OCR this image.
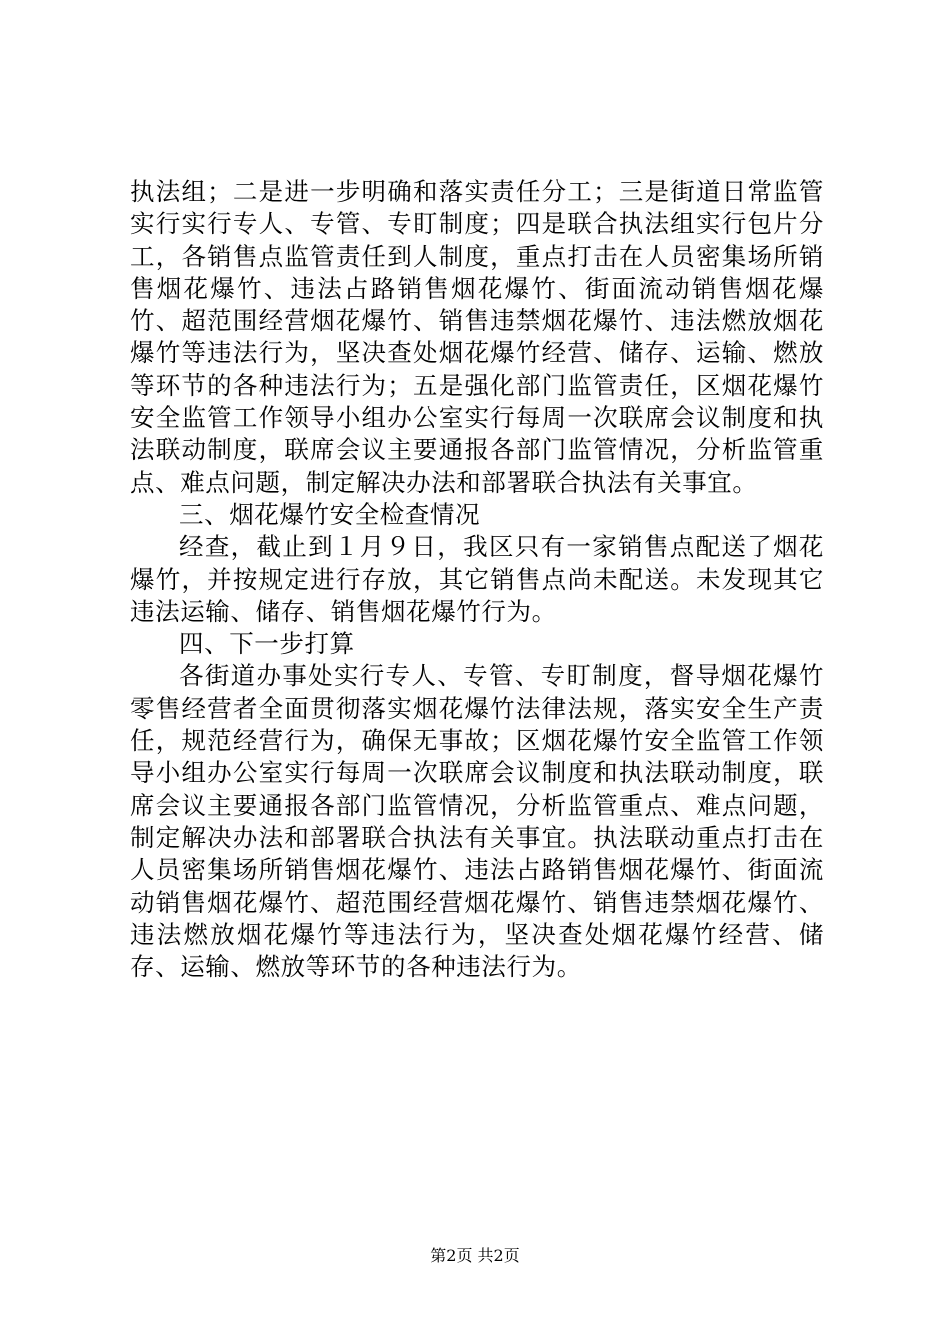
执法组；二是进一步明确和落实责任分工；三是街道日常监管实行实行专人、专管、专盯制度；四是联合执法组实行包片分工，各销售点监管责任到人制度，重点打击在人员密集场所销售烟花爆竹、违法占路销售烟花爆竹、街面流动销售烟花爆竹、超范围经营烟花爆竹、销售违禁烟花爆竹、违法燃放烟花爆竹等违法行为，坚决查处烟花爆竹经营、储存、运输、燃放等环节的各种违法行为；五是强化部门监管责任，区烟花爆竹安全监管工作领导小组办公室实行每周一次联席会议制度和执法联动制度，联席会议主要通报各部门监管情况，分析监管重点、难点问题，制定解决办法和部署联合执法有关事宜。

三、烟花爆竹安全检查情况

经查，截止到１月９日，我区只有一家销售点配送了烟花爆竹，并按规定进行存放，其它销售点尚未配送。未发现其它违法运输、储存、销售烟花爆竹行为。

四、下一步打算

各街道办事处实行专人、专管、专盯制度，督导烟花爆竹零售经营者全面贯彻落实烟花爆竹法律法规，落实安全生产责任，规范经营行为，确保无事故；区烟花爆竹安全监管工作领导小组办公室实行每周一次联席会议制度和执法联动制度，联席会议主要通报各部门监管情况，分析监管重点、难点问题，制定解决办法和部署联合执法有关事宜。执法联动重点打击在人员密集场所销售烟花爆竹、违法占路销售烟花爆竹、街面流动销售烟花爆竹、超范围经营烟花爆竹、销售违禁烟花爆竹、违法燃放烟花爆竹等违法行为，坚决查处烟花爆竹经营、储存、运输、燃放等环节的各种违法行为。

第2页 共2页
